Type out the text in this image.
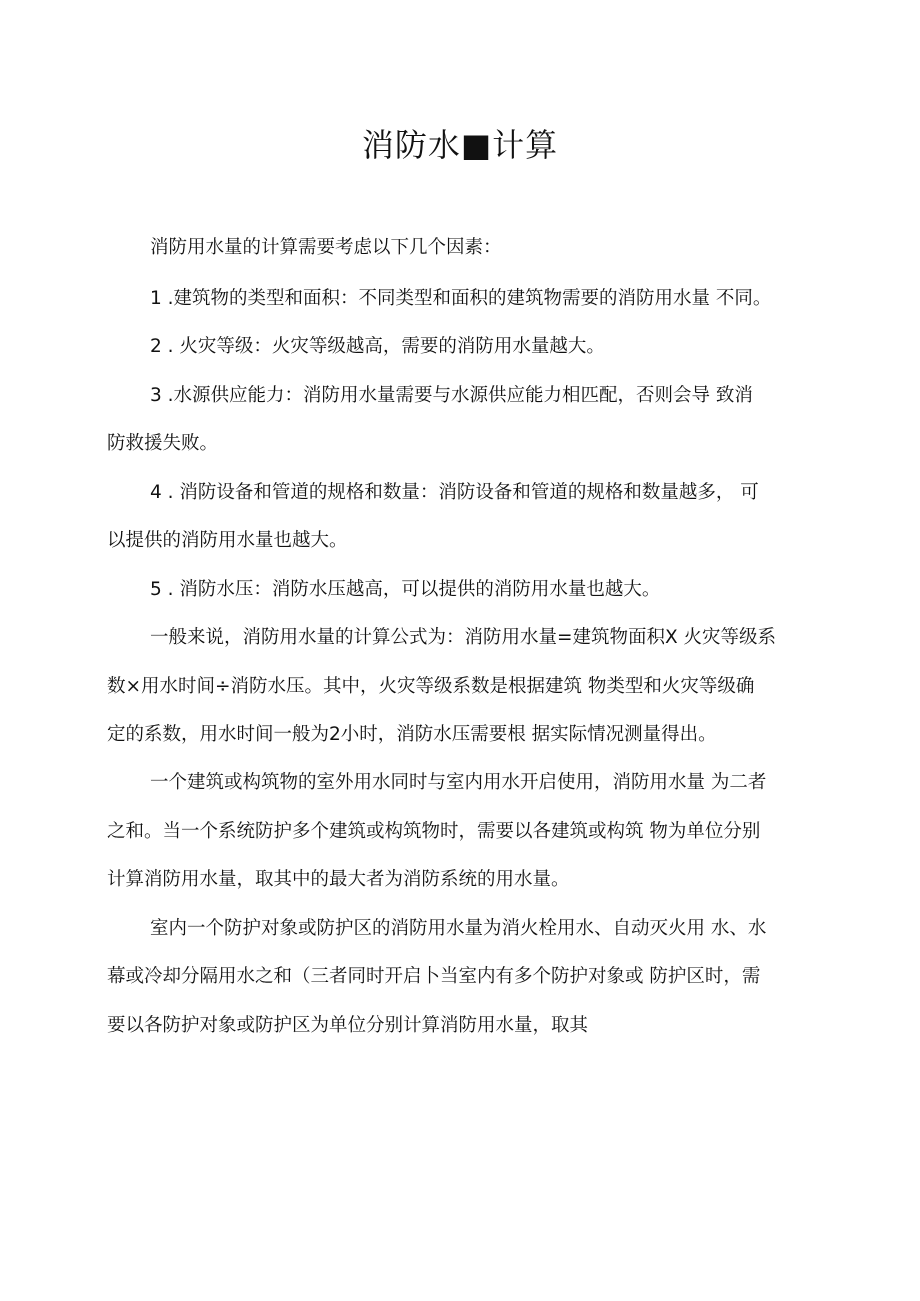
消防水■计算
消防用水量的计算需要考虑以下几个因素：
1 .建筑物的类型和面积：不同类型和面积的建筑物需要的消防用水量 不同。
2 . 火灾等级：火灾等级越高，需要的消防用水量越大。
3 .水源供应能力：消防用水量需要与水源供应能力相匹配，否则会导 致消
防救援失败。
4 . 消防设备和管道的规格和数量：消防设备和管道的规格和数量越多， 可
以提供的消防用水量也越大。
5 . 消防水压：消防水压越高，可以提供的消防用水量也越大。
一般来说，消防用水量的计算公式为：消防用水量=建筑物面积X 火灾等级系
数×用水时间÷消防水压。其中，火灾等级系数是根据建筑 物类型和火灾等级确
定的系数，用水时间一般为2小时，消防水压需要根 据实际情况测量得出。
一个建筑或构筑物的室外用水同时与室内用水开启使用，消防用水量 为二者
之和。当一个系统防护多个建筑或构筑物时，需要以各建筑或构筑 物为单位分别
计算消防用水量，取其中的最大者为消防系统的用水量。
室内一个防护对象或防护区的消防用水量为消火栓用水、自动灭火用 水、水
幕或冷却分隔用水之和（三者同时开启卜当室内有多个防护对象或 防护区时，需
要以各防护对象或防护区为单位分别计算消防用水量，取其
